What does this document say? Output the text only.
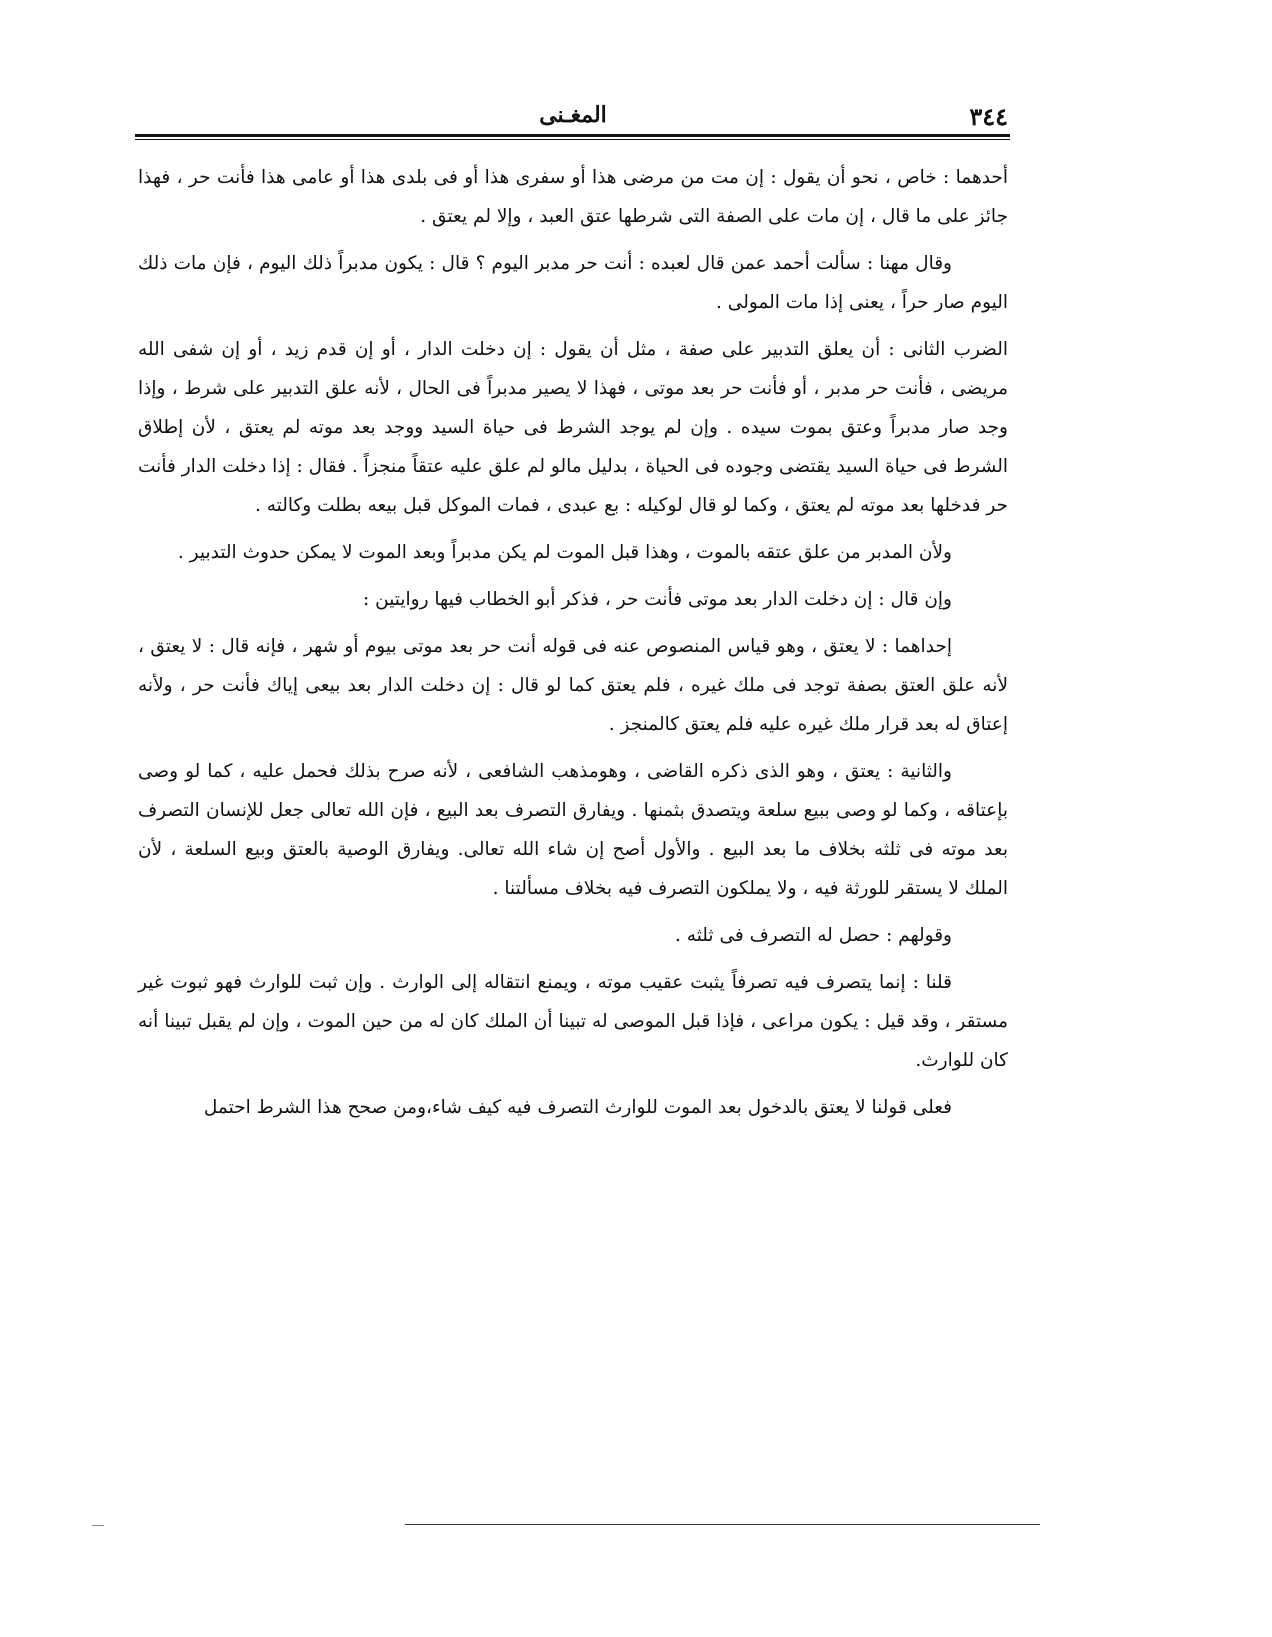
٣٤٤
المغـنى

أحدهما : خاص ، نحو أن يقول : إن مت من مرضى هذا أو سفرى هذا أو فى بلدى هذا أو عامى هذا فأنت حر ، فهذا جائز على ما قال ، إن مات على الصفة التى شرطها عتق العبد ، وإلا لم يعتق .

وقال مهنا : سألت أحمد عمن قال لعبده : أنت حر مدبر اليوم ؟ قال : يكون مدبراً ذلك اليوم ، فإن مات ذلك اليوم صار حراً ، يعنى إذا مات المولى .

الضرب الثانى : أن يعلق التدبير على صفة ، مثل أن يقول : إن دخلت الدار ، أو إن قدم زيد ، أو إن شفى الله مريضى ، فأنت حر مدبر ، أو فأنت حر بعد موتى ، فهذا لا يصير مدبراً فى الحال ، لأنه علق التدبير على شرط ، وإذا وجد صار مدبراً وعتق بموت سيده . وإن لم يوجد الشرط فى حياة السيد ووجد بعد موته لم يعتق ، لأن إطلاق الشرط فى حياة السيد يقتضى وجوده فى الحياة ، بدليل مالو لم علق عليه عتقاً منجزاً . فقال : إذا دخلت الدار فأنت حر فدخلها بعد موته لم يعتق ، وكما لو قال لوكيله : بع عبدى ، فمات الموكل قبل بيعه بطلت وكالته .

ولأن المدبر من علق عتقه بالموت ، وهذا قبل الموت لم يكن مدبراً وبعد الموت لا يمكن حدوث التدبير .

وإن قال : إن دخلت الدار بعد موتى فأنت حر ، فذكر أبو الخطاب فيها روايتين :

إحداهما : لا يعتق ، وهو قياس المنصوص عنه فى قوله أنت حر بعد موتى بيوم أو شهر ، فإنه قال : لا يعتق ، لأنه علق العتق بصفة توجد فى ملك غيره ، فلم يعتق كما لو قال : إن دخلت الدار بعد بيعى إياك فأنت حر ، ولأنه إعتاق له بعد قرار ملك غيره عليه فلم يعتق كالمنجز .

والثانية : يعتق ، وهو الذى ذكره القاضى ، وهومذهب الشافعى ، لأنه صرح بذلك فحمل عليه ، كما لو وصى بإعتاقه ، وكما لو وصى ببيع سلعة ويتصدق بثمنها . ويفارق التصرف بعد البيع ، فإن الله تعالى جعل للإنسان التصرف بعد موته فى ثلثه بخلاف ما بعد البيع . والأول أصح إن شاء الله تعالى. ويفارق الوصية بالعتق وبيع السلعة ، لأن الملك لا يستقر للورثة فيه ، ولا يملكون التصرف فيه بخلاف مسألتنا .

وقولهم : حصل له التصرف فى ثلثه .

قلنا : إنما يتصرف فيه تصرفاً يثبت عقيب موته ، ويمنع انتقاله إلى الوارث . وإن ثبت للوارث فهو ثبوت غير مستقر ، وقد قيل : يكون مراعى ، فإذا قبل الموصى له تبينا أن الملك كان له من حين الموت ، وإن لم يقبل تبينا أنه كان للوارث.

فعلى قولنا لا يعتق بالدخول بعد الموت للوارث التصرف فيه كيف شاء،ومن صحح هذا الشرط احتمل
